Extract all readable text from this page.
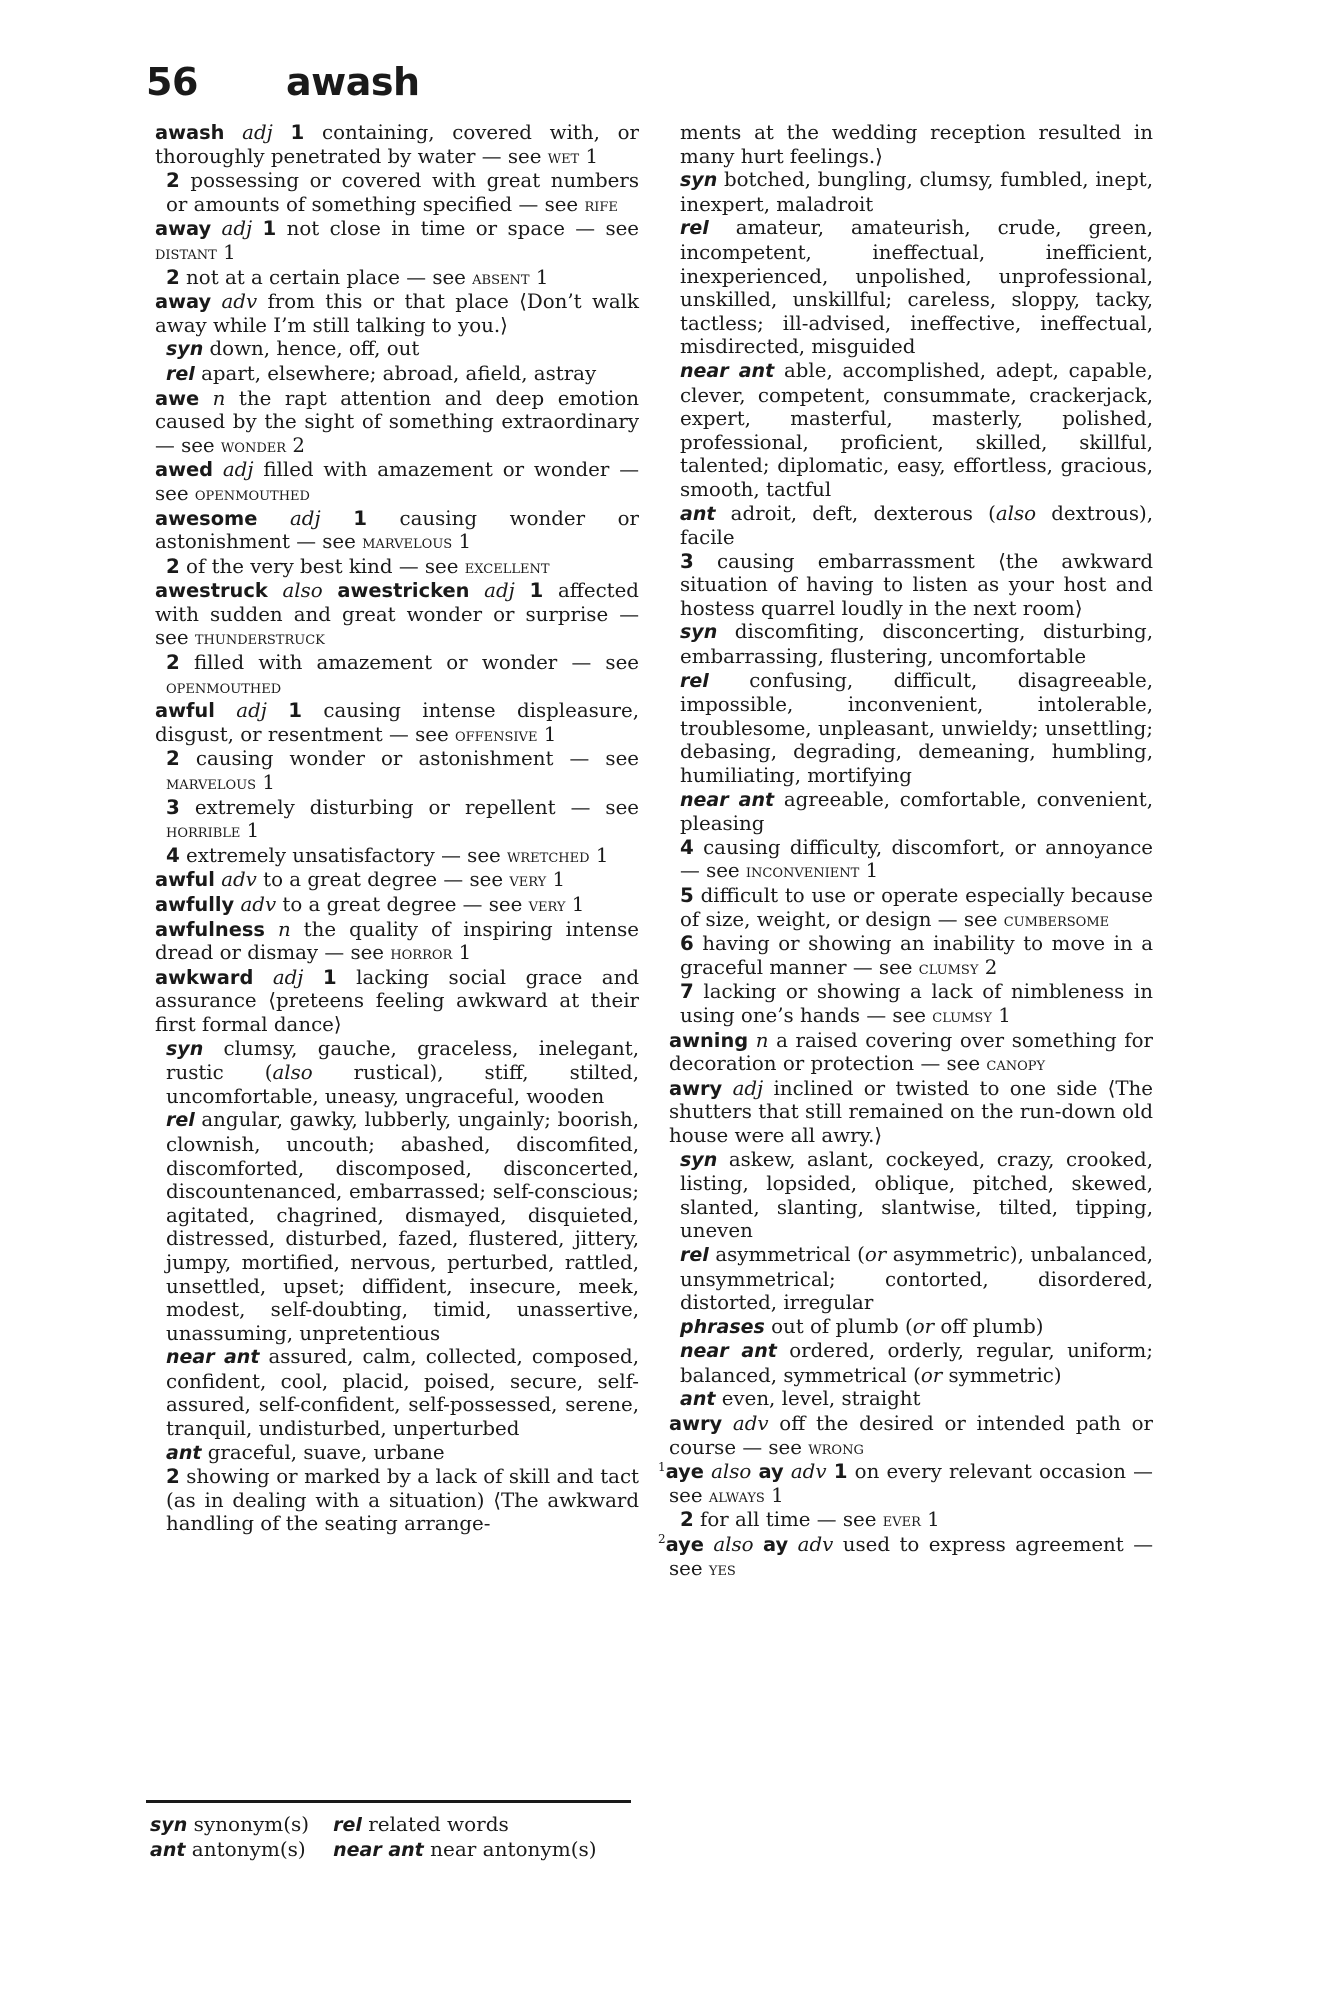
56 awash
awash adj 1 containing, covered with, or thoroughly penetrated by water — see wet 1
2 possessing or covered with great numbers or amounts of something specified — see rife
away adj 1 not close in time or space — see distant 1
2 not at a certain place — see absent 1
away adv from this or that place ⟨Don’t walk away while I’m still talking to you.⟩
syn down, hence, off, out
rel apart, elsewhere; abroad, afield, astray
awe n the rapt attention and deep emotion caused by the sight of something extraordinary — see wonder 2
awed adj filled with amazement or wonder — see openmouthed
awesome adj 1 causing wonder or astonishment — see marvelous 1
2 of the very best kind — see excellent
awestruck also awestricken adj 1 affected with sudden and great wonder or surprise — see thunderstruck
2 filled with amazement or wonder — see openmouthed
awful adj 1 causing intense displeasure, disgust, or resentment — see offensive 1
2 causing wonder or astonishment — see marvelous 1
3 extremely disturbing or repellent — see horrible 1
4 extremely unsatisfactory — see wretched 1
awful adv to a great degree — see very 1
awfully adv to a great degree — see very 1
awfulness n the quality of inspiring intense dread or dismay — see horror 1
awkward adj 1 lacking social grace and assurance ⟨preteens feeling awkward at their first formal dance⟩
syn clumsy, gauche, graceless, inelegant, rustic (also rustical), stiff, stilted, uncomfortable, uneasy, ungraceful, wooden
rel angular, gawky, lubberly, ungainly; boorish, clownish, uncouth; abashed, discomfited, discomforted, discomposed, disconcerted, discountenanced, embarrassed; self-conscious; agitated, chagrined, dismayed, disquieted, distressed, disturbed, fazed, flustered, jittery, jumpy, mortified, nervous, perturbed, rattled, unsettled, upset; diffident, insecure, meek, modest, self-doubting, timid, unassertive, unassuming, unpretentious
near ant assured, calm, collected, composed, confident, cool, placid, poised, secure, self-assured, self-confident, self-possessed, serene, tranquil, undisturbed, unperturbed
ant graceful, suave, urbane
2 showing or marked by a lack of skill and tact (as in dealing with a situation) ⟨The awkward handling of the seating arrange-
ments at the wedding reception resulted in many hurt feelings.⟩
syn botched, bungling, clumsy, fumbled, inept, inexpert, maladroit
rel amateur, amateurish, crude, green, incompetent, ineffectual, inefficient, inexperienced, unpolished, unprofessional, unskilled, unskillful; careless, sloppy, tacky, tactless; ill-advised, ineffective, ineffectual, misdirected, misguided
near ant able, accomplished, adept, capable, clever, competent, consummate, crackerjack, expert, masterful, masterly, polished, professional, proficient, skilled, skillful, talented; diplomatic, easy, effortless, gracious, smooth, tactful
ant adroit, deft, dexterous (also dextrous), facile
3 causing embarrassment ⟨the awkward situation of having to listen as your host and hostess quarrel loudly in the next room⟩
syn discomfiting, disconcerting, disturbing, embarrassing, flustering, uncomfortable
rel confusing, difficult, disagreeable, impossible, inconvenient, intolerable, troublesome, unpleasant, unwieldy; unsettling; debasing, degrading, demeaning, humbling, humiliating, mortifying
near ant agreeable, comfortable, convenient, pleasing
4 causing difficulty, discomfort, or annoyance — see inconvenient 1
5 difficult to use or operate especially because of size, weight, or design — see cumbersome
6 having or showing an inability to move in a graceful manner — see clumsy 2
7 lacking or showing a lack of nimbleness in using one’s hands — see clumsy 1
awning n a raised covering over something for decoration or protection — see canopy
awry adj inclined or twisted to one side ⟨The shutters that still remained on the run-down old house were all awry.⟩
syn askew, aslant, cockeyed, crazy, crooked, listing, lopsided, oblique, pitched, skewed, slanted, slanting, slantwise, tilted, tipping, uneven
rel asymmetrical (or asymmetric), unbalanced, unsymmetrical; contorted, disordered, distorted, irregular
phrases out of plumb (or off plumb)
near ant ordered, orderly, regular, uniform; balanced, symmetrical (or symmetric)
ant even, level, straight
awry adv off the desired or intended path or course — see wrong
$^1$aye also ay adv 1 on every relevant occasion — see always 1
2 for all time — see ever 1
$^2$aye also ay adv used to express agreement — see yes
syn synonym(s)	rel related words
ant antonym(s)	near ant near antonym(s)
